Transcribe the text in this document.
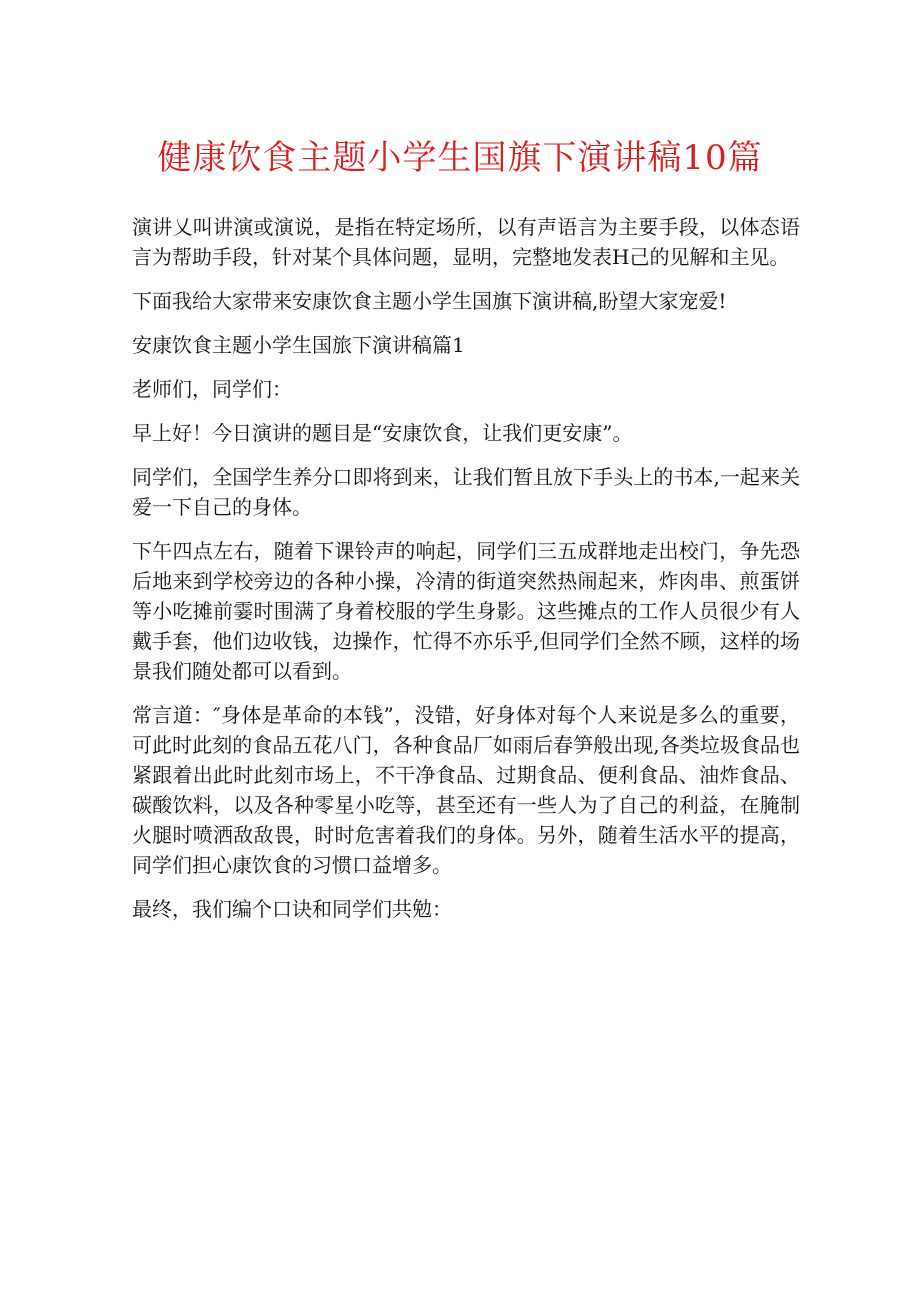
健康饮食主题小学生国旗下演讲稿10篇

演讲乂叫讲演或演说，是指在特定场所，以有声语言为主要手段，以体态语言为帮助手段，针对某个具体问题，显明，完整地发表H己的见解和主见。

下面我给大家带来安康饮食主题小学生国旗下演讲稿,盼望大家宠爱!

安康饮食主题小学生国旅下演讲稿篇1

老师们，同学们：

早上好！今日演讲的题目是“安康饮食，让我们更安康”。

同学们，全国学生养分口即将到来，让我们暂且放下手头上的书本,一起来关爱一下自己的身体。

下午四点左右，随着下课铃声的响起，同学们三五成群地走出校门，争先恐后地来到学校旁边的各种小操，冷清的街道突然热闹起来，炸肉串、煎蛋饼等小吃摊前霎时围满了身着校服的学生身影。这些摊点的工作人员很少有人戴手套，他们边收钱，边操作，忙得不亦乐乎,但同学们全然不顾，这样的场景我们随处都可以看到。

常言道：″身体是革命的本钱”，没错，好身体对每个人来说是多么的重要，可此时此刻的食品五花八门，各种食品厂如雨后春笋般出现,各类垃圾食品也紧跟着出此时此刻市场上，不干净食品、过期食品、便利食品、油炸食品、碳酸饮料，以及各种零星小吃等，甚至还有一些人为了自己的利益，在腌制火腿时喷洒敌敌畏，时时危害着我们的身体。另外，随着生活水平的提高，同学们担心康饮食的习惯口益增多。

最终，我们编个口诀和同学们共勉：
